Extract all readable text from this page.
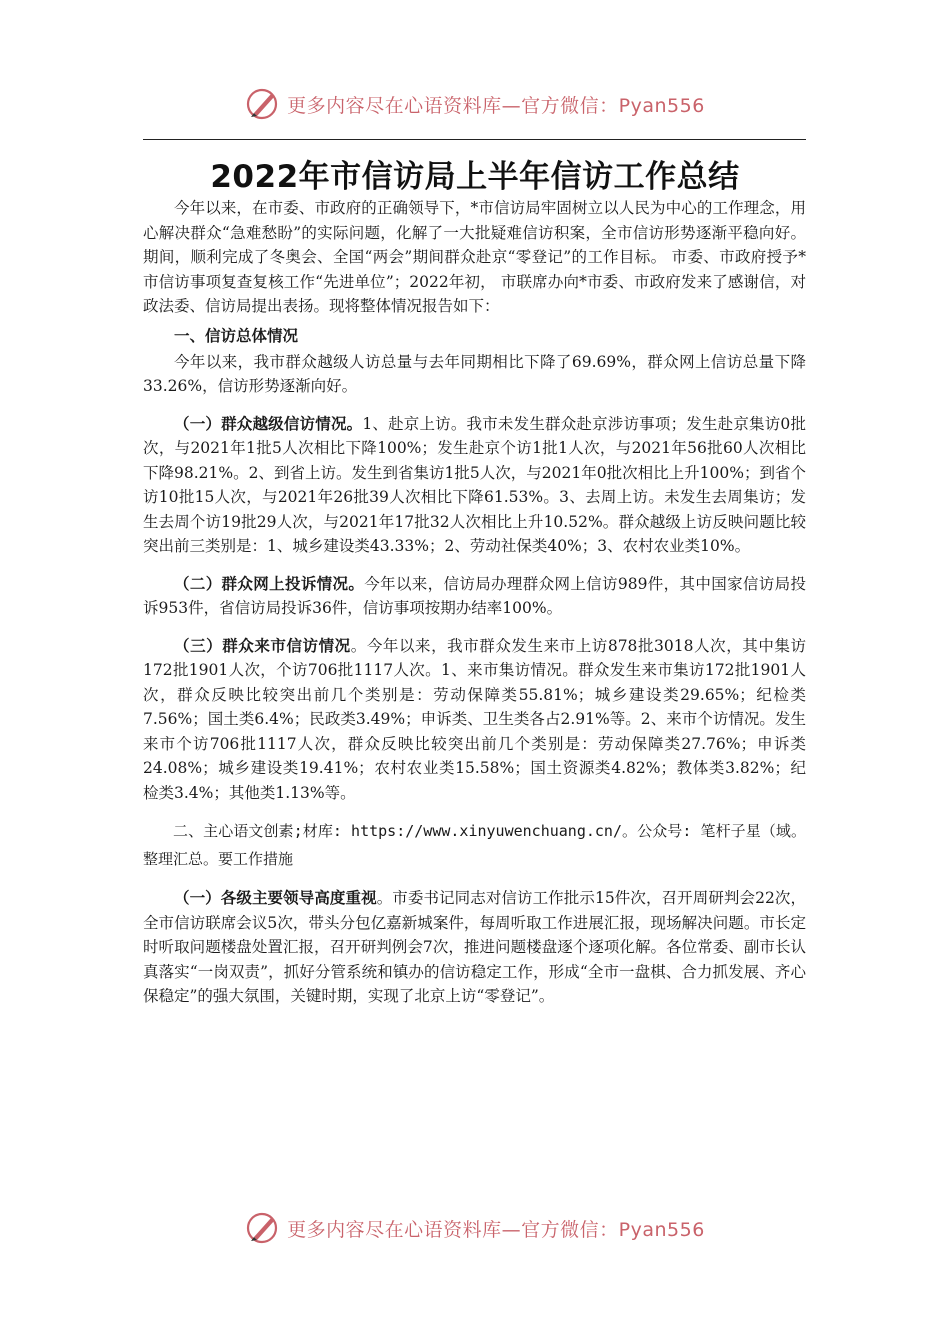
更多内容尽在心语资料库—官方微信：Pyan556
2022年市信访局上半年信访工作总结

今年以来，在市委、市政府的正确领导下，*市信访局牢固树立以人民为中心的工作理念，用心解决群众“急难愁盼”的实际问题，化解了一大批疑难信访积案，全市信访形势逐渐平稳向好。期间，顺利完成了冬奥会、全国“两会”期间群众赴京“零登记”的工作目标。 市委、市政府授予*市信访事项复查复核工作“先进单位”；2022年初， 市联席办向*市委、市政府发来了感谢信，对政法委、信访局提出表扬。现将整体情况报告如下：

一、信访总体情况

今年以来，我市群众越级人访总量与去年同期相比下降了69.69%，群众网上信访总量下降33.26%，信访形势逐渐向好。

（一）群众越级信访情况。1、赴京上访。我市未发生群众赴京涉访事项；发生赴京集访0批次，与2021年1批5人次相比下降100%；发生赴京个访1批1人次，与2021年56批60人次相比下降98.21%。2、到省上访。发生到省集访1批5人次，与2021年0批次相比上升100%；到省个访10批15人次，与2021年26批39人次相比下降61.53%。3、去周上访。未发生去周集访；发生去周个访19批29人次，与2021年17批32人次相比上升10.52%。群众越级上访反映问题比较突出前三类别是：1、城乡建设类43.33%；2、劳动社保类40%；3、农村农业类10%。

（二）群众网上投诉情况。今年以来，信访局办理群众网上信访989件，其中国家信访局投诉953件，省信访局投诉36件，信访事项按期办结率100%。

（三）群众来市信访情况。今年以来，我市群众发生来市上访878批3018人次，其中集访172批1901人次，个访706批1117人次。1、来市集访情况。群众发生来市集访172批1901人次，群众反映比较突出前几个类别是：劳动保障类55.81%；城乡建设类29.65%；纪检类7.56%；国土类6.4%；民政类3.49%；申诉类、卫生类各占2.91%等。2、来市个访情况。发生来市个访706批1117人次，群众反映比较突出前几个类别是：劳动保障类27.76%；申诉类24.08%；城乡建设类19.41%；农村农业类15.58%；国土资源类4.82%；教体类3.82%；纪检类3.4%；其他类1.13%等。

二、主心语文创素;材库: https://www.xinyuwenchuang.cn/。公众号: 笔杆子星（域。整理汇总。要工作措施

（一）各级主要领导高度重视。市委书记同志对信访工作批示15件次，召开周研判会22次，全市信访联席会议5次，带头分包亿嘉新城案件，每周听取工作进展汇报，现场解决问题。市长定时听取问题楼盘处置汇报，召开研判例会7次，推进问题楼盘逐个逐项化解。各位常委、副市长认真落实“一岗双责”，抓好分管系统和镇办的信访稳定工作，形成“全市一盘棋、合力抓发展、齐心保稳定”的强大氛围，关键时期，实现了北京上访“零登记”。

更多内容尽在心语资料库—官方微信：Pyan556
